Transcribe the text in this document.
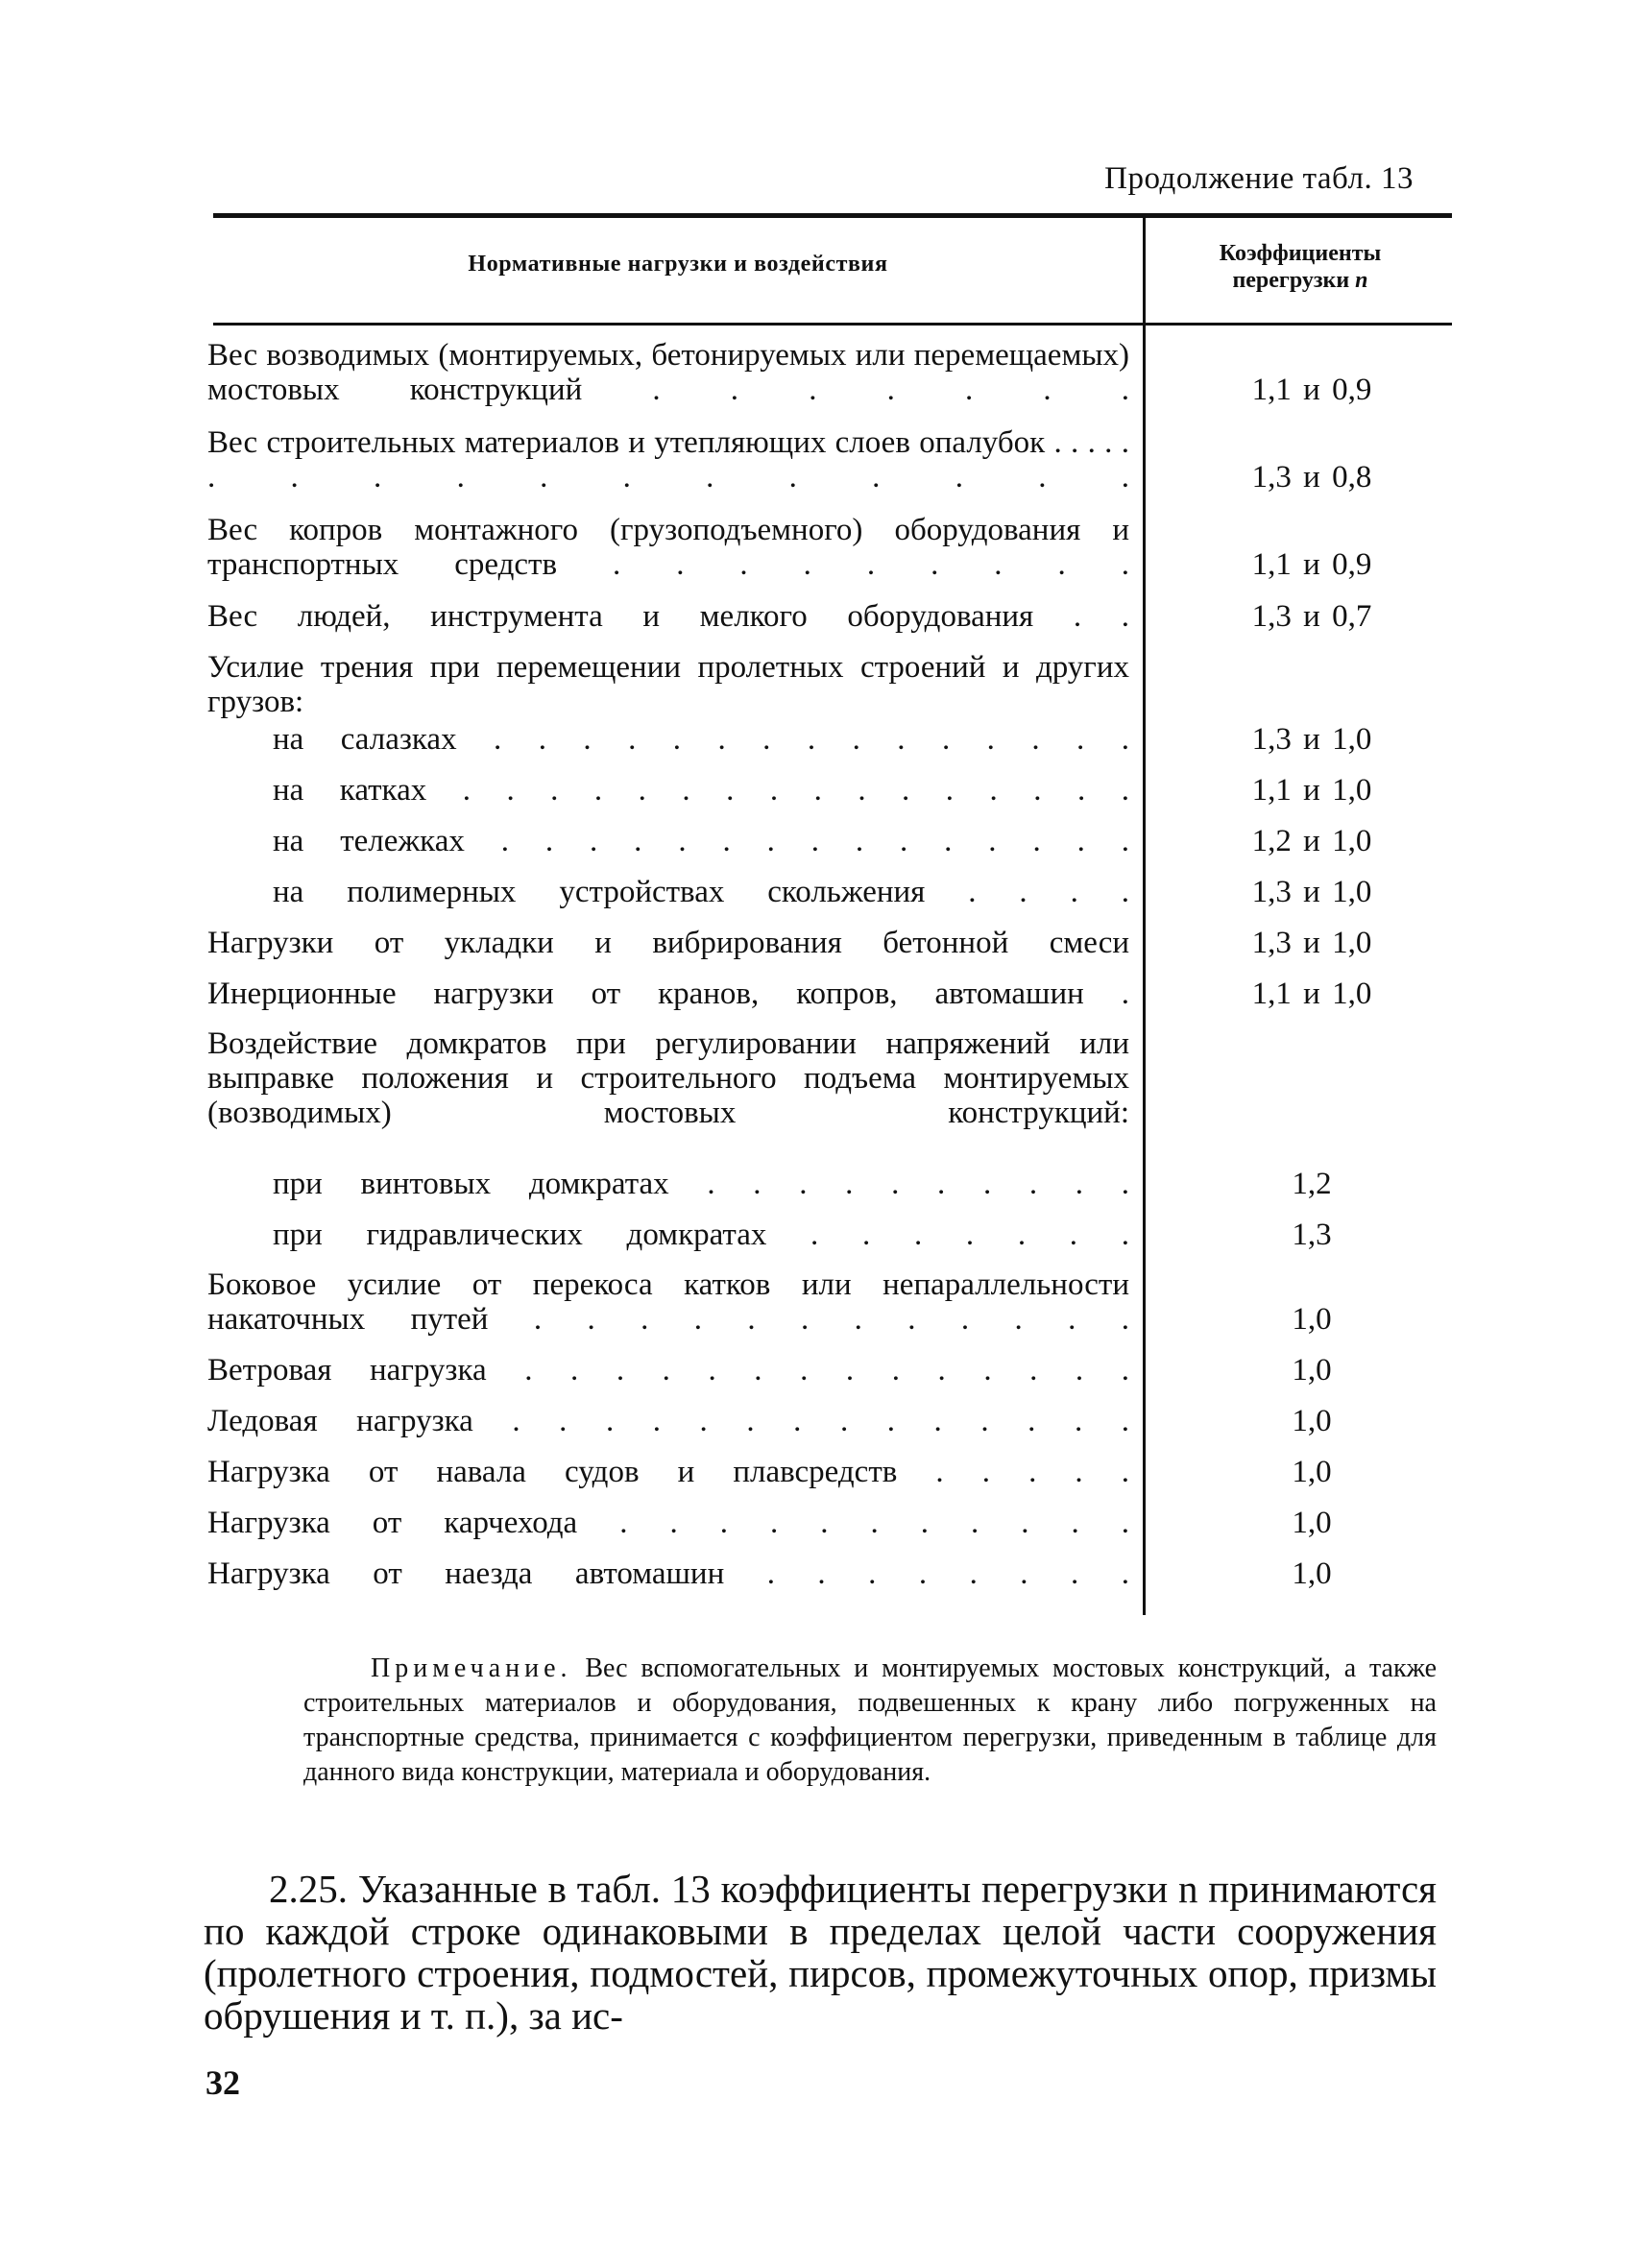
Продолжение табл. 13
Нормативные нагрузки и воздействия	Коэффициенты
перегрузки n
Вес возводимых (монтируемых, бетонируемых или перемещаемых) мостовых конструкций . . . . . . .	1,1 и 0,9
Вес строительных материалов и утепляющих слоев опалубок . . . . . . . . . . . . . . . . .	1,3 и 0,8
Вес копров монтажного (грузоподъемного) оборудования и транспортных средств . . . . . . . . .	1,1 и 0,9
Вес людей, инструмента и мелкого оборудования . .	1,3 и 0,7
Усилие трения при перемещении пролетных строений и других грузов:
на салазках . . . . . . . . . . . . . . .	1,3 и 1,0
на катках . . . . . . . . . . . . . . . .	1,1 и 1,0
на тележках . . . . . . . . . . . . . . .	1,2 и 1,0
на полимерных устройствах скольжения . . . .	1,3 и 1,0
Нагрузки от укладки и вибрирования бетонной смеси	1,3 и 1,0
Инерционные нагрузки от кранов, копров, автомашин .	1,1 и 1,0
Воздействие домкратов при регулировании напряжений или выправке положения и строительного подъема монтируемых (возводимых) мостовых конструкций:
при винтовых домкратах . . . . . . . . . .	1,2
при гидравлических домкратах . . . . . . .	1,3
Боковое усилие от перекоса катков или непараллельности накаточных путей . . . . . . . . . . . .	1,0
Ветровая нагрузка . . . . . . . . . . . . . .	1,0
Ледовая нагрузка . . . . . . . . . . . . . .	1,0
Нагрузка от навала судов и плавсредств . . . . .	1,0
Нагрузка от карчехода . . . . . . . . . . .	1,0
Нагрузка от наезда автомашин . . . . . . . .	1,0
Примечание. Вес вспомогательных и монтируемых мостовых конструкций, а также строительных материалов и оборудования, подвешенных к крану либо погруженных на транспортные средства, принимается с коэффициентом перегрузки, приведенным в таблице для данного вида конструкции, материала и оборудования.
2.25. Указанные в табл. 13 коэффициенты перегрузки n принимаются по каждой строке одинаковыми в пределах целой части сооружения (пролетного строения, подмостей, пирсов, промежуточных опор, призмы обрушения и т. п.), за ис-
32
